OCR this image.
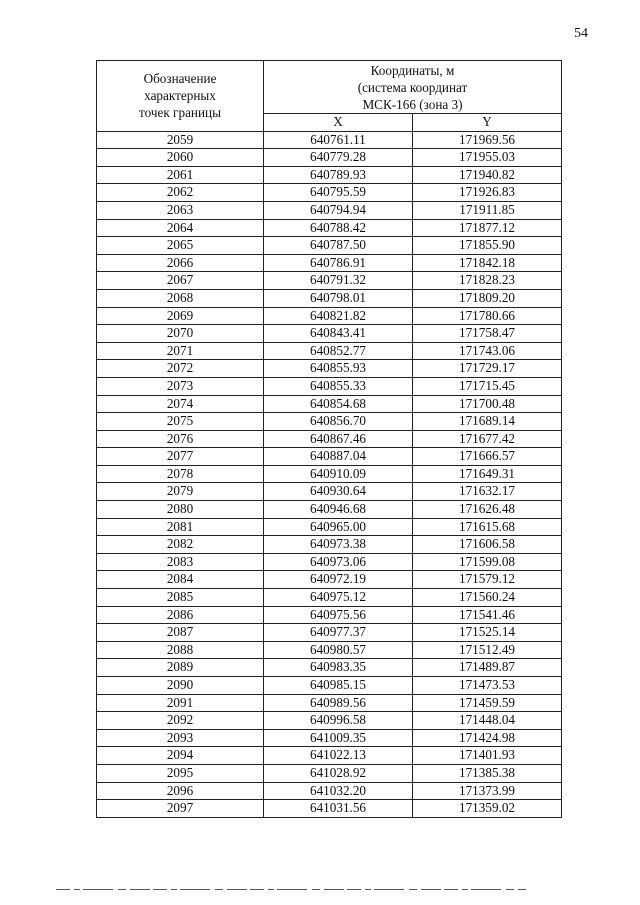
54
Обозначение
характерных
точек границы	Координаты, м
(система координат
МСК-166 (зона 3)	

	X	Y
2059	640761.11	171969.56
2060	640779.28	171955.03
2061	640789.93	171940.82
2062	640795.59	171926.83
2063	640794.94	171911.85
2064	640788.42	171877.12
2065	640787.50	171855.90
2066	640786.91	171842.18
2067	640791.32	171828.23
2068	640798.01	171809.20
2069	640821.82	171780.66
2070	640843.41	171758.47
2071	640852.77	171743.06
2072	640855.93	171729.17
2073	640855.33	171715.45
2074	640854.68	171700.48
2075	640856.70	171689.14
2076	640867.46	171677.42
2077	640887.04	171666.57
2078	640910.09	171649.31
2079	640930.64	171632.17
2080	640946.68	171626.48
2081	640965.00	171615.68
2082	640973.38	171606.58
2083	640973.06	171599.08
2084	640972.19	171579.12
2085	640975.12	171560.24
2086	640975.56	171541.46
2087	640977.37	171525.14
2088	640980.57	171512.49
2089	640983.35	171489.87
2090	640985.15	171473.53
2091	640989.56	171459.59
2092	640996.58	171448.04
2093	641009.35	171424.98
2094	641022.13	171401.93
2095	641028.92	171385.38
2096	641032.20	171373.99
2097	641031.56	171359.02
